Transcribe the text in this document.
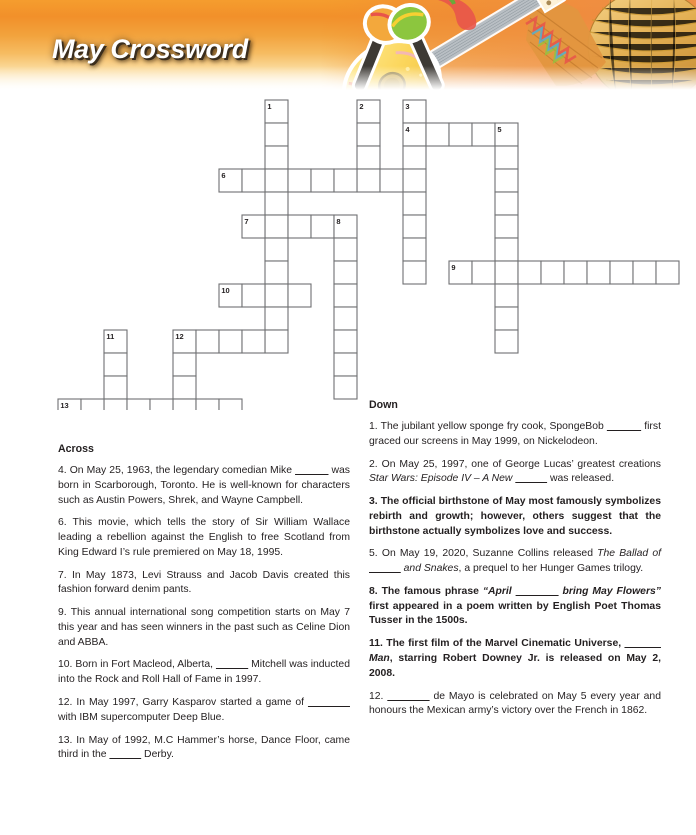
May Crossword
1	2	3
4	5
6
7	8
9
10
11	12
13
Across
4. On May 25, 1963, the legendary comedian Mike	was born in Scarborough, Toronto. He is well-known for characters such as Austin Powers, Shrek, and Wayne Campbell.
6. This movie, which tells the story of Sir William Wallace leading a rebellion against the English to free Scotland from King Edward I’s rule premiered on May 18, 1995.
7. In May 1873, Levi Strauss and Jacob Davis created this fashion forward denim pants.
9. This annual international song competition starts on May 7 this year and has seen winners in the past such as Celine Dion and ABBA.
10. Born in Fort Macleod, Alberta,	Mitchell was inducted into the Rock and Roll Hall of Fame in 1997.
12. In May 1997, Garry Kasparov started a game of             with IBM supercomputer Deep Blue.
13. In May of 1992, M.C Hammer’s horse, Dance Floor, came third in the	Derby.
Down
1. The jubilant yellow sponge fry cook, SpongeBob	first graced our screens in May 1999, on Nickelodeon.
2. On May 25, 1997, one of George Lucas’ greatest creations Star Wars: Episode IV – A New	was released.
3. The official birthstone of May most famously symbolizes rebirth and growth; however, others suggest that the birthstone actually symbolizes love and success.
5. On May 19, 2020, Suzanne Collins released The Ballad of             and Snakes, a prequel to her Hunger Games trilogy.
8. The famous phrase “April	bring May Flowers” first appeared in a poem written by English Poet Thomas Tusser in the 1500s.
11. The first film of the Marvel Cinematic Universe,             Man, starring Robert Downey Jr. is released on May 2, 2008.
12.	de Mayo is celebrated on May 5 every year and honours the Mexican army’s victory over the French in 1862.
